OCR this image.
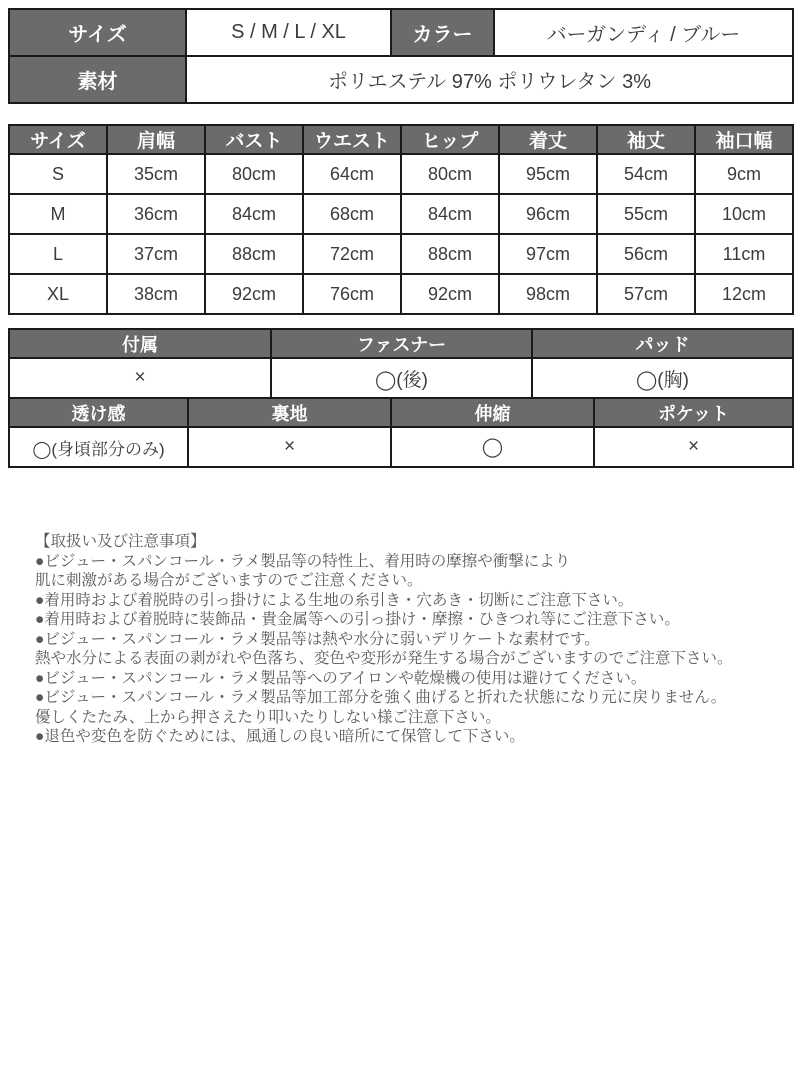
サイズ	S / M / L / XL	カラー	バーガンディ / ブルー
素材	ポリエステル 97% ポリウレタン 3%		
サイズ	肩幅	バスト	ウエスト	ヒップ	着丈	袖丈	袖口幅
S	35cm	80cm	64cm	80cm	95cm	54cm	9cm
M	36cm	84cm	68cm	84cm	96cm	55cm	10cm
L	37cm	88cm	72cm	88cm	97cm	56cm	11cm
XL	38cm	92cm	76cm	92cm	98cm	57cm	12cm
付属	ファスナー	パッド
×	◯(後)	◯(胸)
透け感	裏地	伸縮	ポケット
◯(身頃部分のみ)	×	◯	×
【取扱い及び注意事項】
●ビジュー・スパンコール・ラメ製品等の特性上、着用時の摩擦や衝撃により
肌に刺激がある場合がございますのでご注意ください。
●着用時および着脱時の引っ掛けによる生地の糸引き・穴あき・切断にご注意下さい。
●着用時および着脱時に装飾品・貴金属等への引っ掛け・摩擦・ひきつれ等にご注意下さい。
●ビジュー・スパンコール・ラメ製品等は熱や水分に弱いデリケートな素材です。
熱や水分による表面の剥がれや色落ち、変色や変形が発生する場合がございますのでご注意下さい。
●ビジュー・スパンコール・ラメ製品等へのアイロンや乾燥機の使用は避けてください。
●ビジュー・スパンコール・ラメ製品等加工部分を強く曲げると折れた状態になり元に戻りません。
優しくたたみ、上から押さえたり叩いたりしない様ご注意下さい。
●退色や変色を防ぐためには、風通しの良い暗所にて保管して下さい。
